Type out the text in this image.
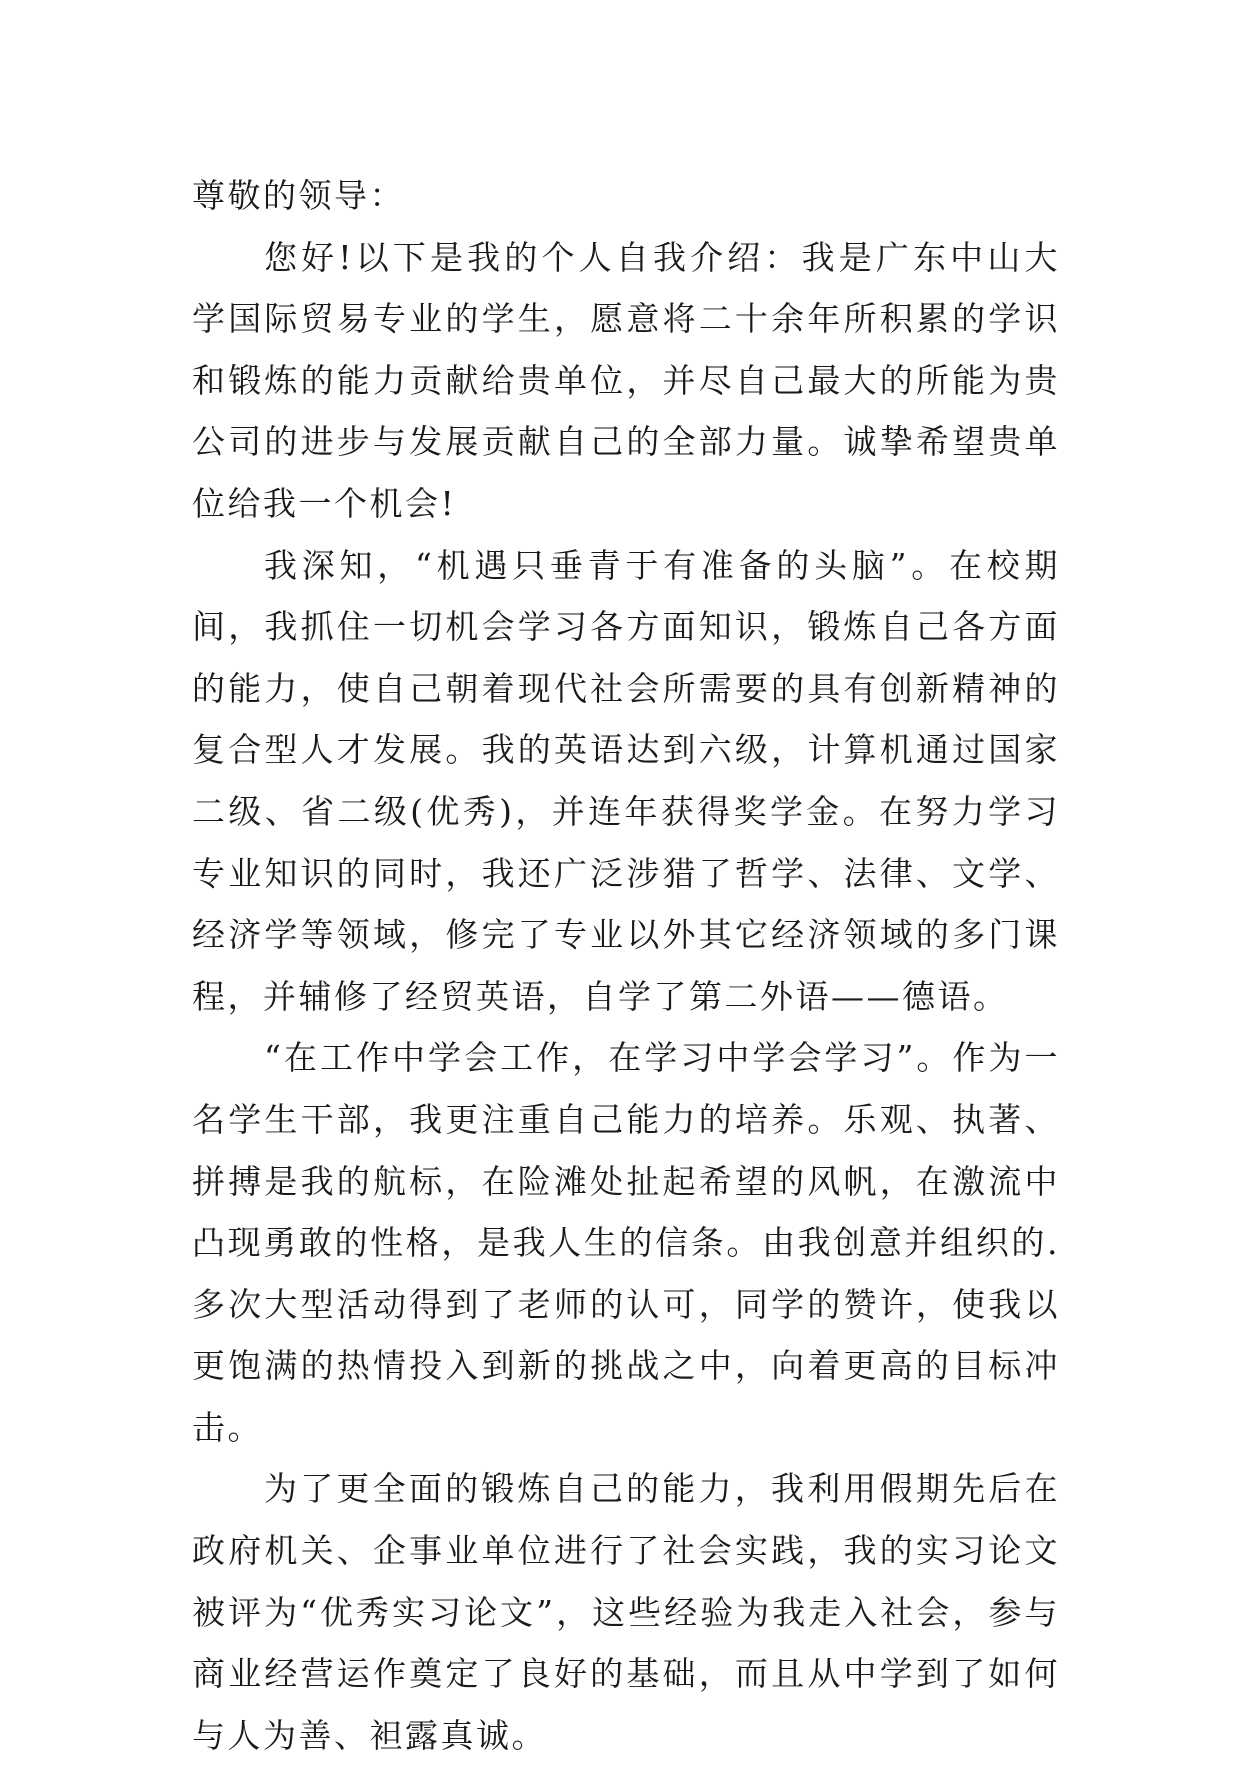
尊敬的领导：

您好!以下是我的个人自我介绍：我是广东中山大学国际贸易专业的学生，愿意将二十余年所积累的学识和锻炼的能力贡献给贵单位，并尽自己最大的所能为贵公司的进步与发展贡献自己的全部力量。诚挚希望贵单位给我一个机会!

我深知，“机遇只垂青于有准备的头脑”。在校期间，我抓住一切机会学习各方面知识，锻炼自己各方面的能力，使自己朝着现代社会所需要的具有创新精神的复合型人才发展。我的英语达到六级，计算机通过国家二级、省二级(优秀)，并连年获得奖学金。在努力学习专业知识的同时，我还广泛涉猎了哲学、法律、文学、经济学等领域，修完了专业以外其它经济领域的多门课程，并辅修了经贸英语，自学了第二外语——德语。

“在工作中学会工作，在学习中学会学习”。作为一名学生干部，我更注重自己能力的培养。乐观、执著、拼搏是我的航标，在险滩处扯起希望的风帆，在激流中凸现勇敢的性格，是我人生的信条。由我创意并组织的.多次大型活动得到了老师的认可，同学的赞许，使我以更饱满的热情投入到新的挑战之中，向着更高的目标冲击。

为了更全面的锻炼自己的能力，我利用假期先后在政府机关、企事业单位进行了社会实践，我的实习论文被评为“优秀实习论文”，这些经验为我走入社会，参与商业经营运作奠定了良好的基础，而且从中学到了如何与人为善、袒露真诚。
